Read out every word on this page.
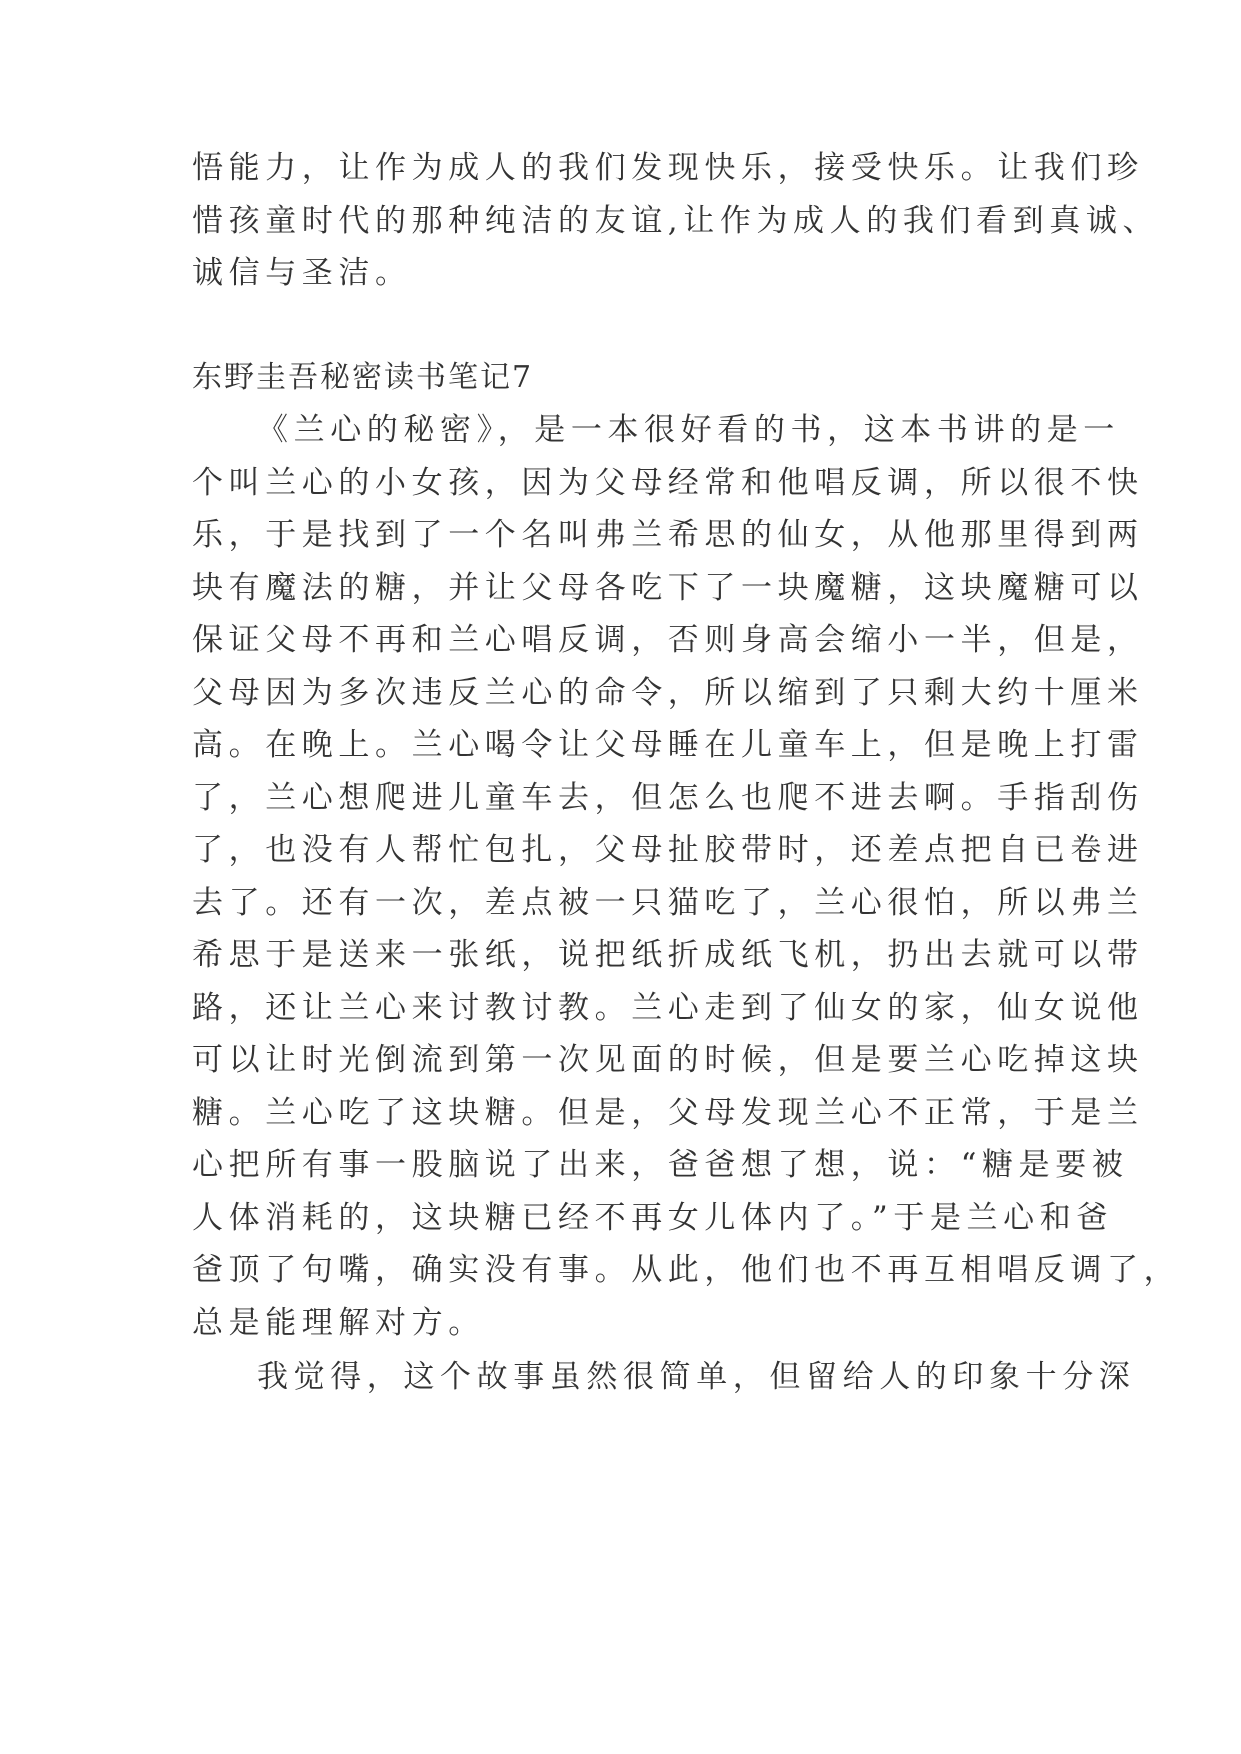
悟能力，让作为成人的我们发现快乐，接受快乐。让我们珍
惜孩童时代的那种纯洁的友谊,让作为成人的我们看到真诚、
诚信与圣洁。
东野圭吾秘密读书笔记7
《兰心的秘密》，是一本很好看的书，这本书讲的是一
个叫兰心的小女孩，因为父母经常和他唱反调，所以很不快
乐，于是找到了一个名叫弗兰希思的仙女，从他那里得到两
块有魔法的糖，并让父母各吃下了一块魔糖，这块魔糖可以
保证父母不再和兰心唱反调，否则身高会缩小一半，但是，
父母因为多次违反兰心的命令，所以缩到了只剩大约十厘米
高。在晚上。兰心喝令让父母睡在儿童车上，但是晚上打雷
了，兰心想爬进儿童车去，但怎么也爬不进去啊。手指刮伤
了，也没有人帮忙包扎，父母扯胶带时，还差点把自已卷进
去了。还有一次，差点被一只猫吃了，兰心很怕，所以弗兰
希思于是送来一张纸，说把纸折成纸飞机，扔出去就可以带
路，还让兰心来讨教讨教。兰心走到了仙女的家，仙女说他
可以让时光倒流到第一次见面的时候，但是要兰心吃掉这块
糖。兰心吃了这块糖。但是，父母发现兰心不正常，于是兰
心把所有事一股脑说了出来，爸爸想了想，说：“糖是要被
人体消耗的，这块糖已经不再女儿体内了。”于是兰心和爸
爸顶了句嘴，确实没有事。从此，他们也不再互相唱反调了，
总是能理解对方。
我觉得，这个故事虽然很简单，但留给人的印象十分深
